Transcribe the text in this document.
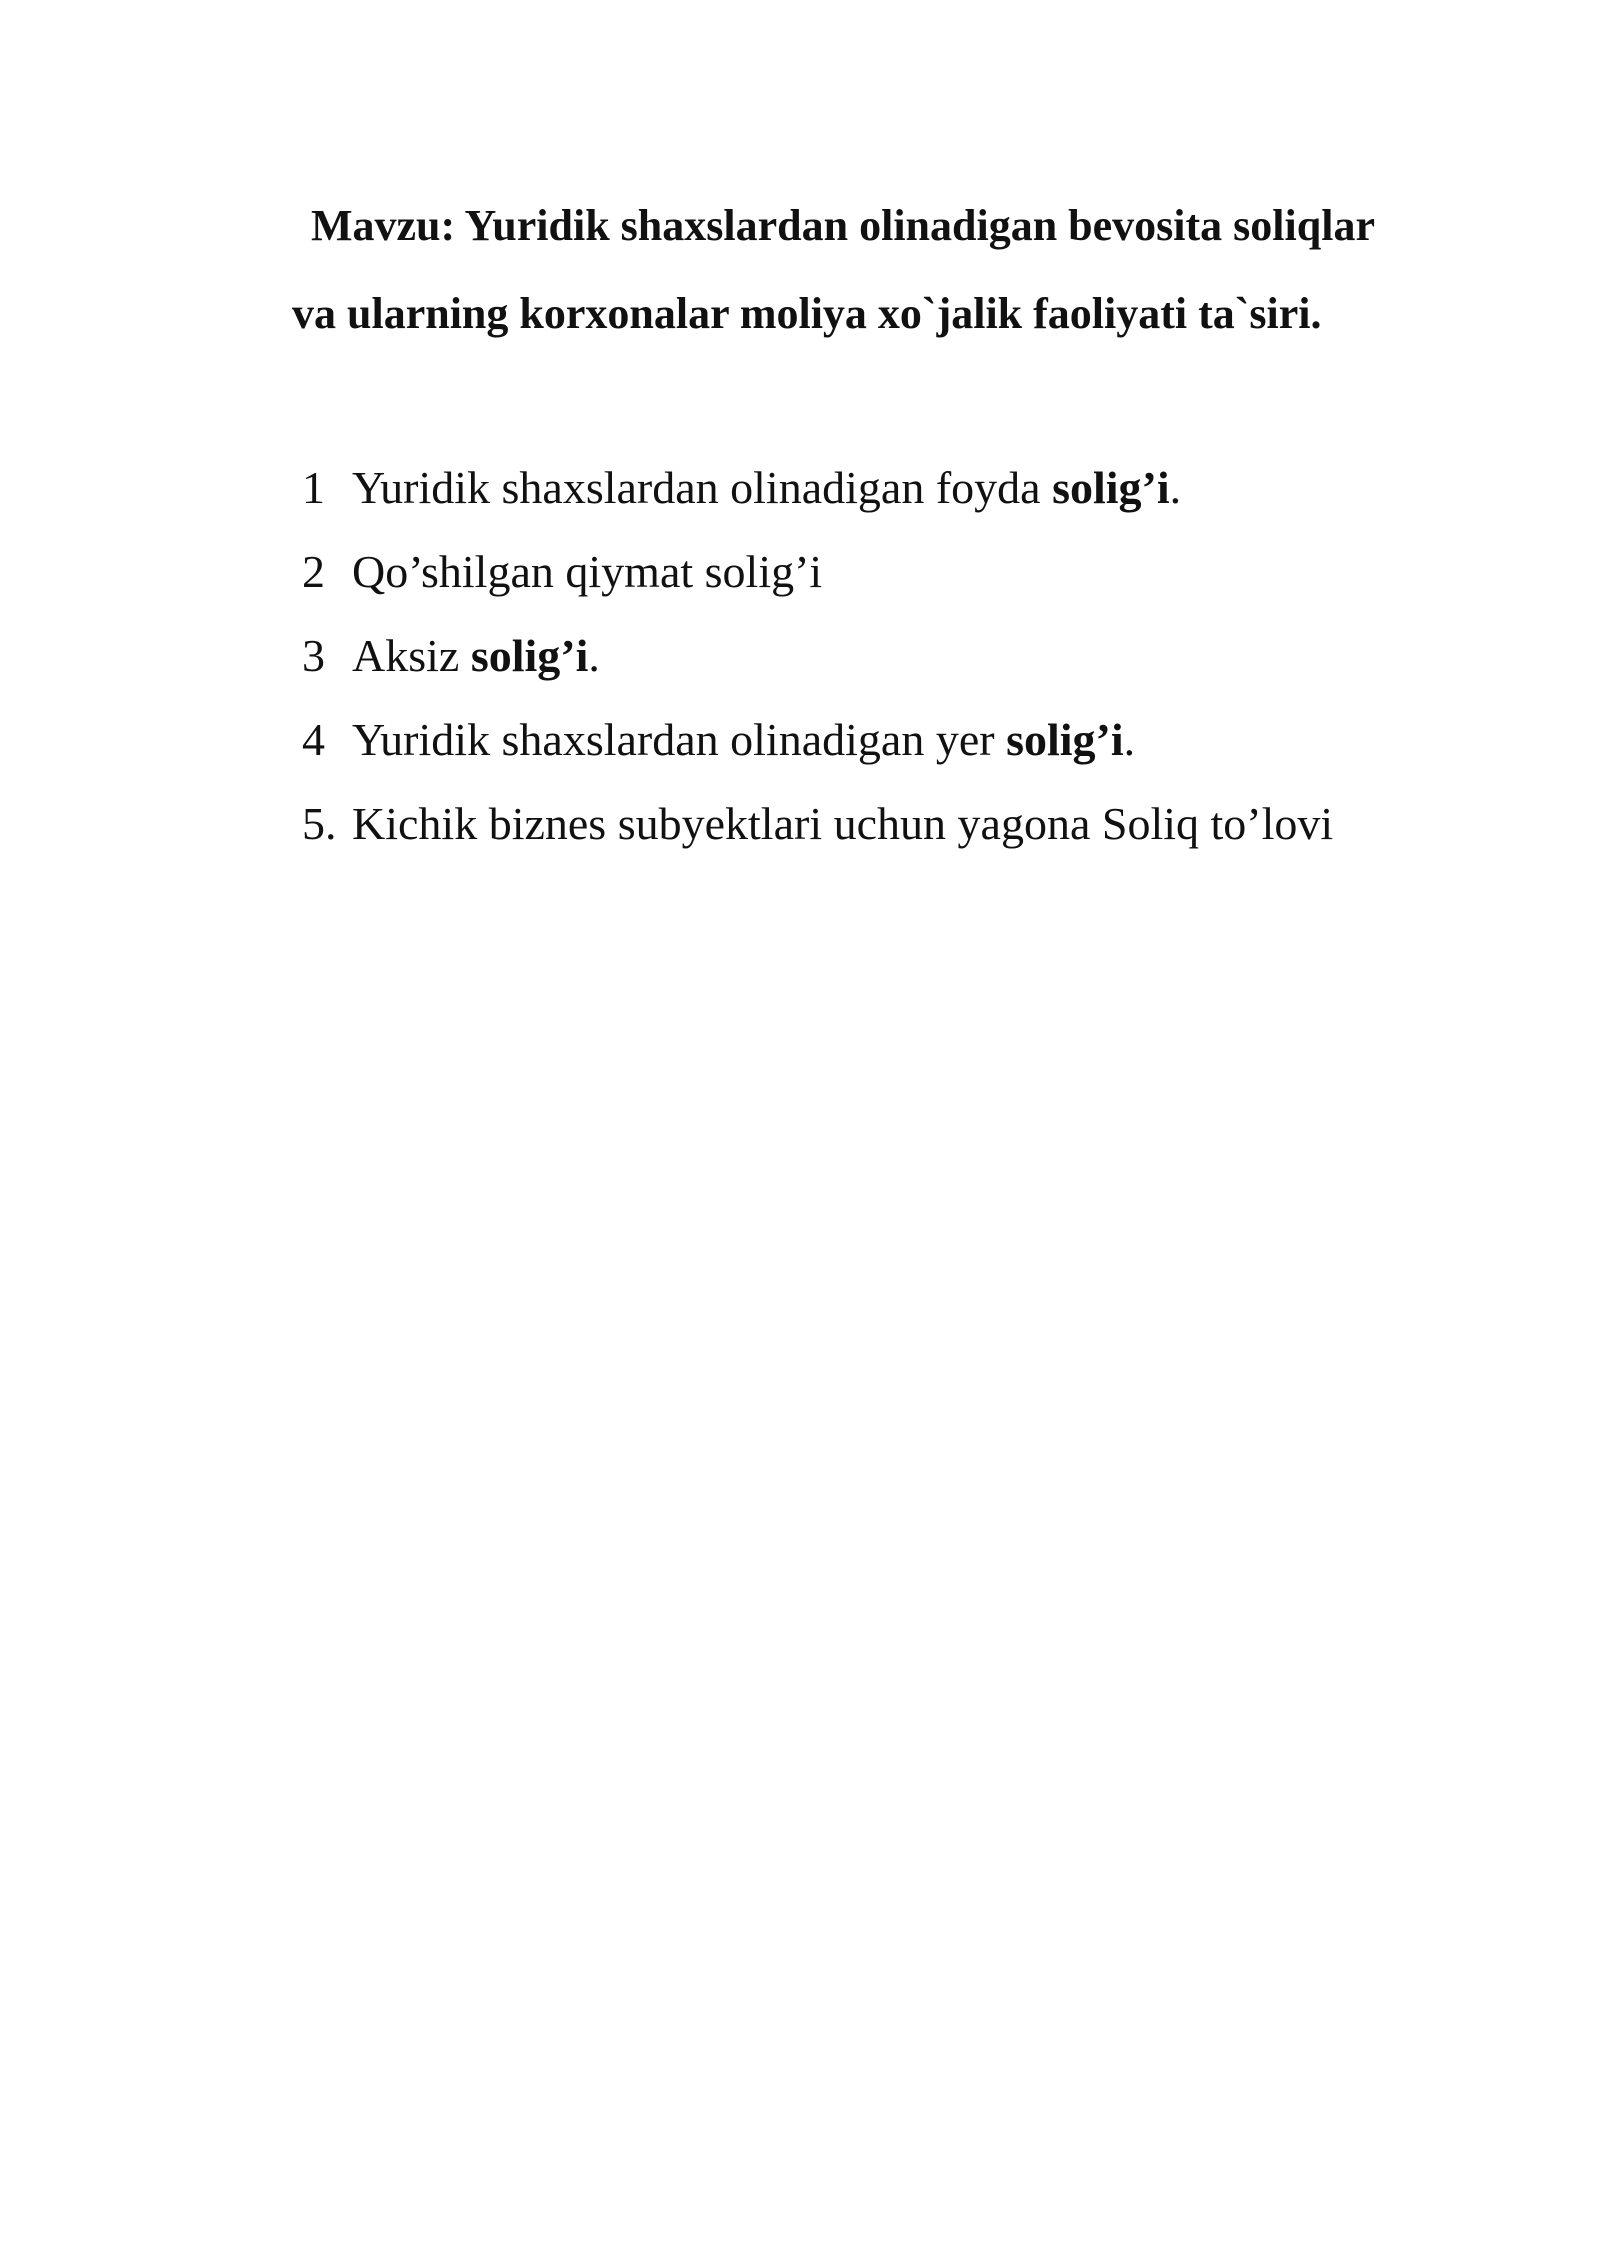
Mavzu: Yuridik shaxslardan olinadigan bevosita soliqlar
va ularning korxonalar moliya xo`jalik faoliyati ta`siri.
1 Yuridik shaxslardan olinadigan foyda solig’i.
2 Qo’shilgan qiymat solig’i
3 Aksiz solig’i.
4 Yuridik shaxslardan olinadigan yer solig’i.
5. Kichik biznes subyektlari uchun yagona Soliq to’lovi
